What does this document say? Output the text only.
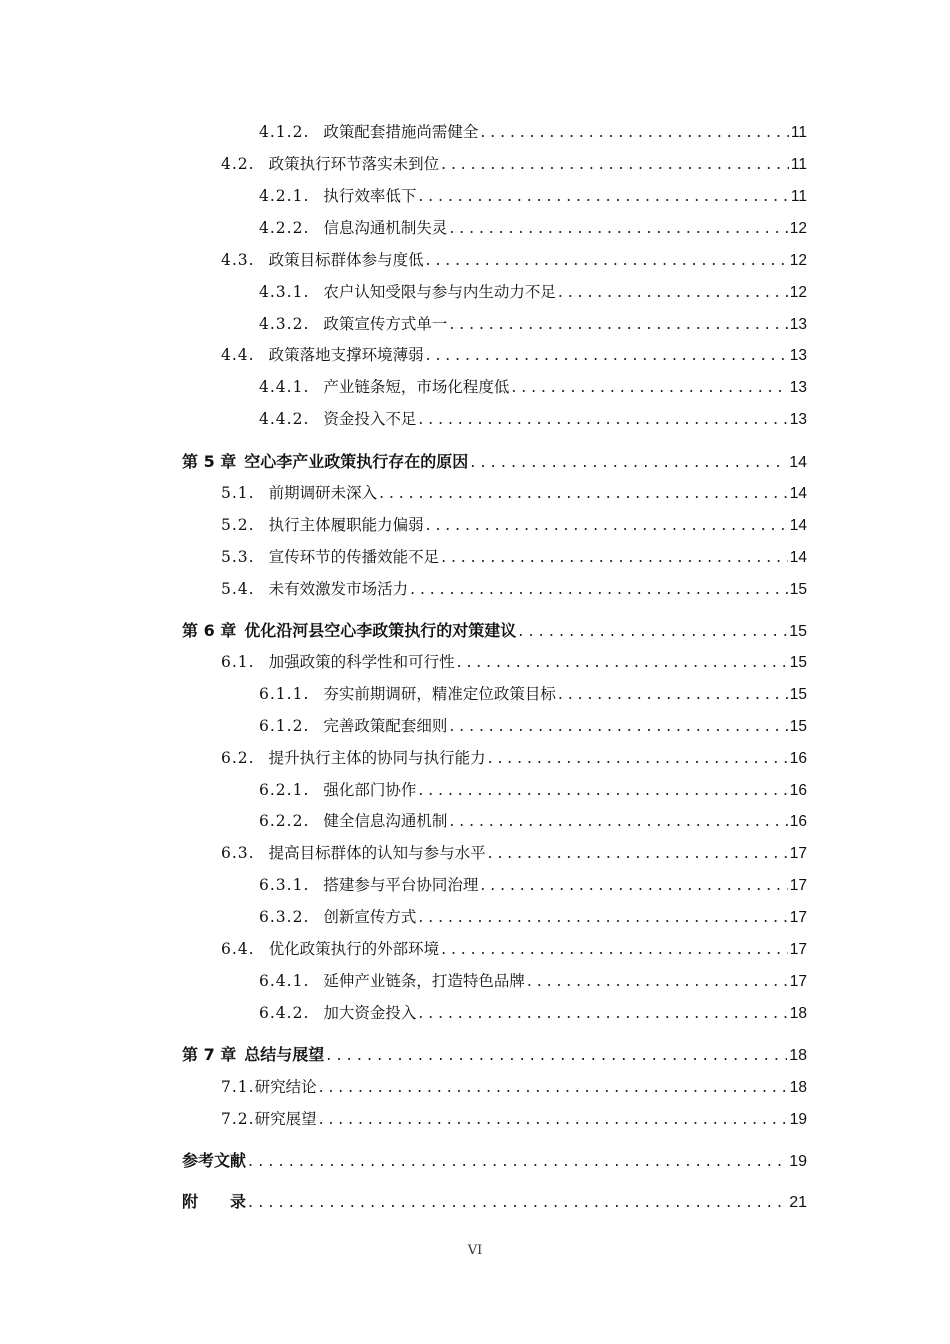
4.1.2. 政策配套措施尚需健全 . . .	11
4.2. 政策执行环节落实未到位 . . .	11
4.2.1. 执行效率低下 . . .	11
4.2.2. 信息沟通机制失灵 . . .	12
4.3. 政策目标群体参与度低 . . .	12
4.3.1. 农户认知受限与参与内生动力不足 . . .	12
4.3.2. 政策宣传方式单一 . . .	13
4.4. 政策落地支撑环境薄弱 . . .	13
4.4.1. 产业链条短，市场化程度低 . . .	13
4.4.2. 资金投入不足 . . .	13
第 5 章 空心李产业政策执行存在的原因 . . .	14
5.1. 前期调研未深入 . . .	14
5.2. 执行主体履职能力偏弱 . . .	14
5.3. 宣传环节的传播效能不足 . . .	14
5.4. 未有效激发市场活力 . . .	15
第 6 章 优化沿河县空心李政策执行的对策建议 . . .	15
6.1. 加强政策的科学性和可行性 . . .	15
6.1.1. 夯实前期调研，精准定位政策目标 . . .	15
6.1.2. 完善政策配套细则 . . .	15
6.2. 提升执行主体的协同与执行能力 . . .	16
6.2.1. 强化部门协作 . . .	16
6.2.2. 健全信息沟通机制 . . .	16
6.3. 提高目标群体的认知与参与水平 . . .	17
6.3.1. 搭建参与平台协同治理 . . .	17
6.3.2. 创新宣传方式 . . .	17
6.4. 优化政策执行的外部环境 . . .	17
6.4.1. 延伸产业链条，打造特色品牌 . . .	17
6.4.2. 加大资金投入 . . .	18
第 7 章 总结与展望 . . .	18
7.1. 研究结论 . . .	18
7.2. 研究展望 . . .	19
参考文献 . . .	19
附　　录 . . .	21
VI
